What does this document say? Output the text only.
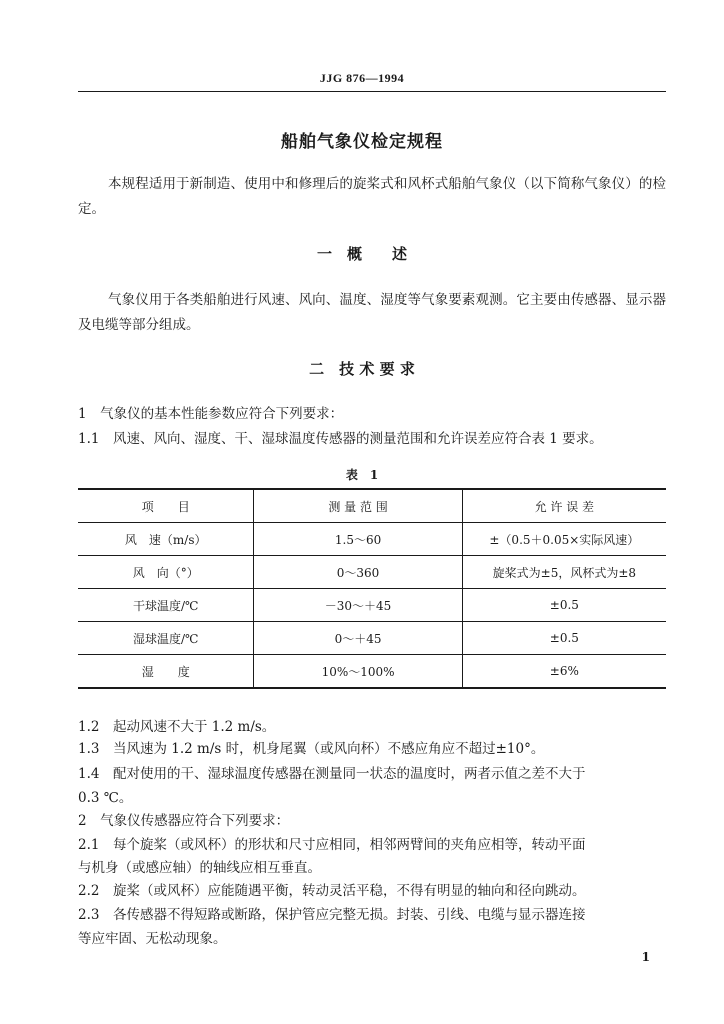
JJG 876—1994
船舶气象仪检定规程
本规程适用于新制造、使用中和修理后的旋桨式和风杯式船舶气象仪（以下简称气象仪）的检定。
一　概　　述
气象仪用于各类船舶进行风速、风向、温度、湿度等气象要素观测。它主要由传感器、显示器及电缆等部分组成。
二　技 术 要 求
1　气象仪的基本性能参数应符合下列要求：
1.1　风速、风向、湿度、干、湿球温度传感器的测量范围和允许误差应符合表 1 要求。
表　1
项　　目	测 量 范 围	允 许 误 差
风　速（m/s）	1.5～60	±（0.5＋0.05×实际风速）
风　向（°）	0～360	旋桨式为±5，风杯式为±8
干球温度/℃	－30～＋45	±0.5
湿球温度/℃	0～＋45	±0.5
湿　　度	10%～100%	±6%
1.2　起动风速不大于 1.2 m/s。
1.3　当风速为 1.2 m/s 时，机身尾翼（或风向杯）不感应角应不超过±10°。
1.4　配对使用的干、湿球温度传感器在测量同一状态的温度时，两者示值之差不大于
0.3 ℃。
2　气象仪传感器应符合下列要求：
2.1　每个旋桨（或风杯）的形状和尺寸应相同，相邻两臂间的夹角应相等，转动平面
与机身（或感应轴）的轴线应相互垂直。
2.2　旋桨（或风杯）应能随遇平衡，转动灵活平稳，不得有明显的轴向和径向跳动。
2.3　各传感器不得短路或断路，保护管应完整无损。封装、引线、电缆与显示器连接
等应牢固、无松动现象。
1
